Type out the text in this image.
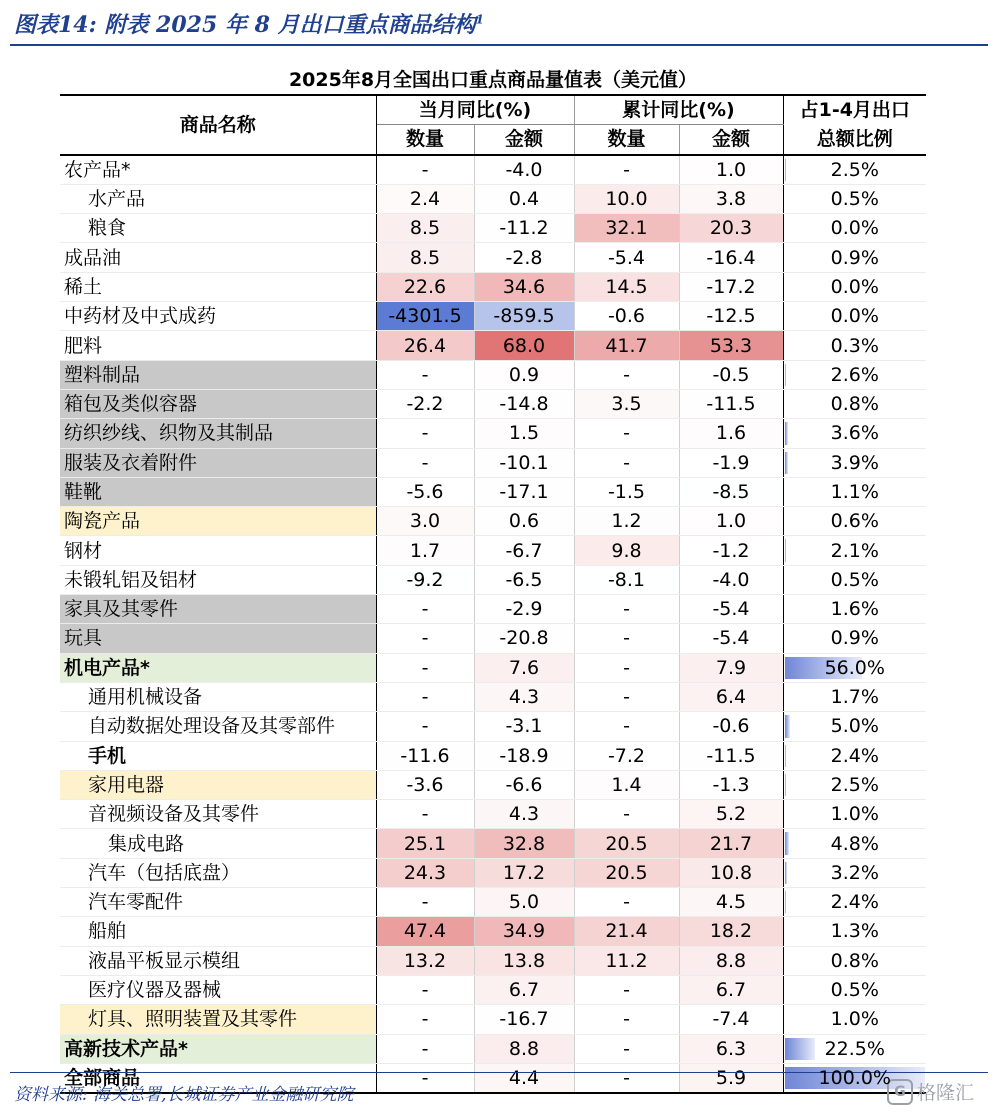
图表14: 附表 2025 年 8 月出口重点商品结构$^1$
2025年8月全国出口重点商品量值表（美元值）					
商品名称	当月同比(%)		累计同比(%)		占1-4月出口
	数量	金额	数量	金额	总额比例
农产品*	-	-4.0	-	1.0	2.5%
水产品	2.4	0.4	10.0	3.8	0.5%
粮食	8.5	-11.2	32.1	20.3	0.0%
成品油	8.5	-2.8	-5.4	-16.4	0.9%
稀土	22.6	34.6	14.5	-17.2	0.0%
中药材及中式成药	-4301.5	-859.5	-0.6	-12.5	0.0%
肥料	26.4	68.0	41.7	53.3	0.3%
塑料制品	-	0.9	-	-0.5	2.6%
箱包及类似容器	-2.2	-14.8	3.5	-11.5	0.8%
纺织纱线、织物及其制品	-	1.5	-	1.6	3.6%
服装及衣着附件	-	-10.1	-	-1.9	3.9%
鞋靴	-5.6	-17.1	-1.5	-8.5	1.1%
陶瓷产品	3.0	0.6	1.2	1.0	0.6%
钢材	1.7	-6.7	9.8	-1.2	2.1%
未锻轧铝及铝材	-9.2	-6.5	-8.1	-4.0	0.5%
家具及其零件	-	-2.9	-	-5.4	1.6%
玩具	-	-20.8	-	-5.4	0.9%
机电产品*	-	7.6	-	7.9	56.0%
通用机械设备	-	4.3	-	6.4	1.7%
自动数据处理设备及其零部件	-	-3.1	-	-0.6	5.0%
手机	-11.6	-18.9	-7.2	-11.5	2.4%
家用电器	-3.6	-6.6	1.4	-1.3	2.5%
音视频设备及其零件	-	4.3	-	5.2	1.0%
集成电路	25.1	32.8	20.5	21.7	4.8%
汽车（包括底盘）	24.3	17.2	20.5	10.8	3.2%
汽车零配件	-	5.0	-	4.5	2.4%
船舶	47.4	34.9	21.4	18.2	1.3%
液晶平板显示模组	13.2	13.8	11.2	8.8	0.8%
医疗仪器及器械	-	6.7	-	6.7	0.5%
灯具、照明装置及其零件	-	-16.7	-	-7.4	1.0%
高新技术产品*	-	8.8	-	6.3	22.5%
全部商品	-	4.4	-	5.9	100.0%
资料来源: 海关总署,长城证券产业金融研究院	G 格隆汇
